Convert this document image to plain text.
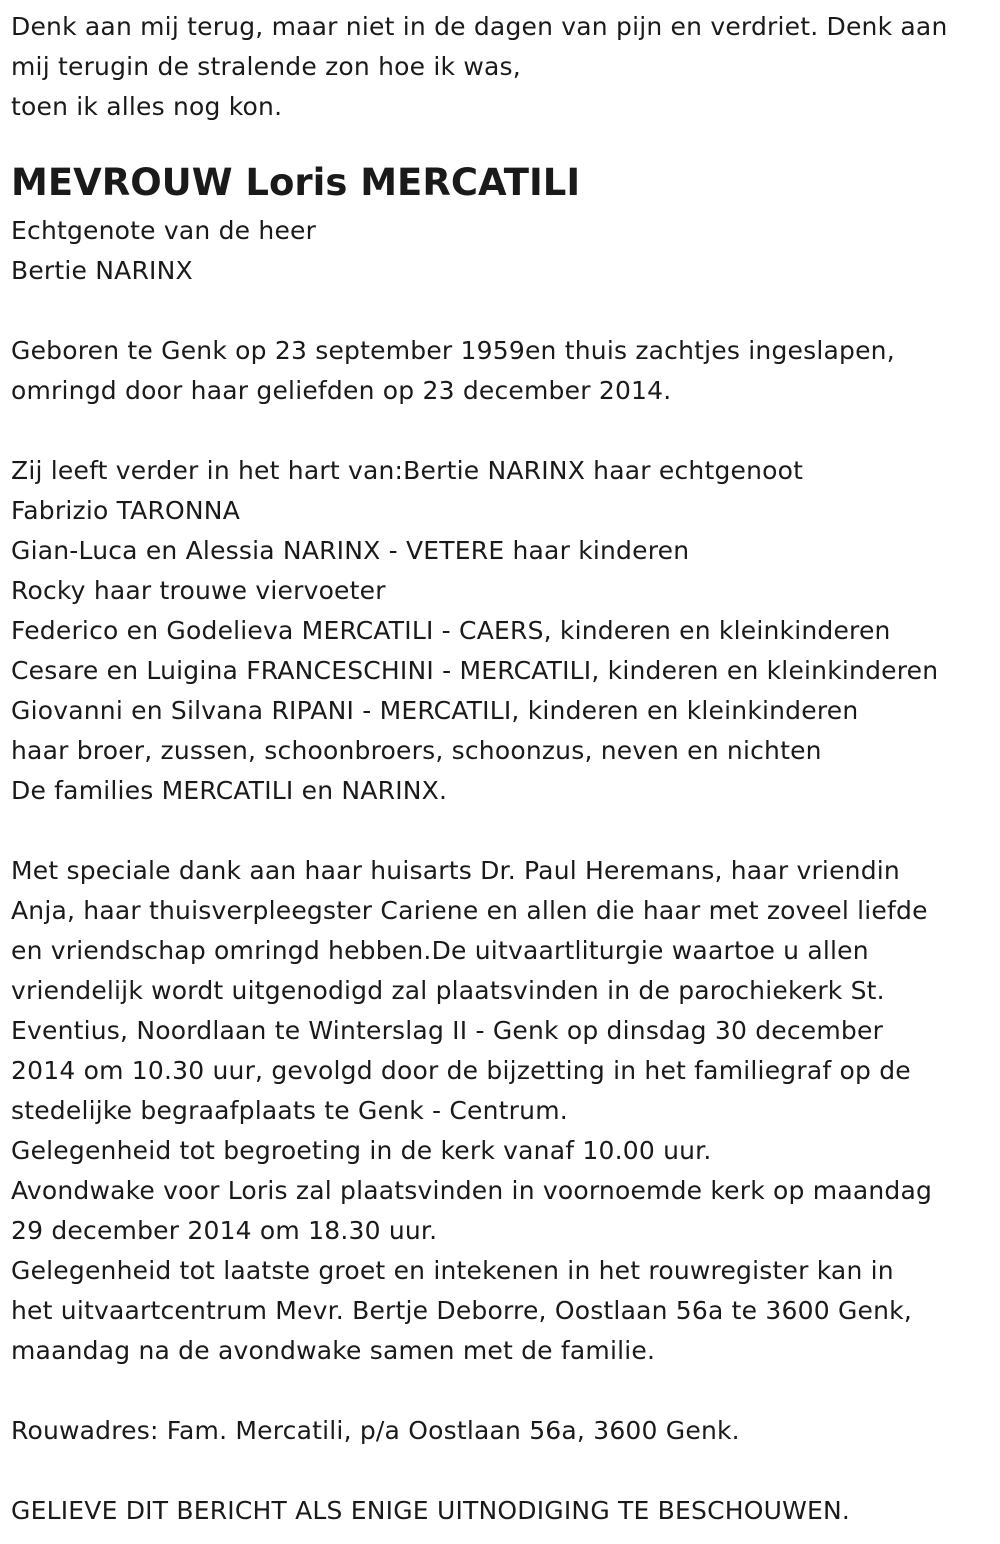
Denk aan mij terug, maar niet in de dagen van pijn en verdriet. Denk aan
mij terugin de stralende zon hoe ik was,
toen ik alles nog kon.
MEVROUW Loris MERCATILI
Echtgenote van de heer
Bertie NARINX
Geboren te Genk op 23 september 1959en thuis zachtjes ingeslapen,
omringd door haar geliefden op 23 december 2014.
Zij leeft verder in het hart van:Bertie NARINX haar echtgenoot
Fabrizio TARONNA
Gian-Luca en Alessia NARINX - VETERE haar kinderen
Rocky haar trouwe viervoeter
Federico en Godelieva MERCATILI - CAERS, kinderen en kleinkinderen
Cesare en Luigina FRANCESCHINI - MERCATILI, kinderen en kleinkinderen
Giovanni en Silvana RIPANI - MERCATILI, kinderen en kleinkinderen
haar broer, zussen, schoonbroers, schoonzus, neven en nichten
De families MERCATILI en NARINX.
Met speciale dank aan haar huisarts Dr. Paul Heremans, haar vriendin
Anja, haar thuisverpleegster Cariene en allen die haar met zoveel liefde
en vriendschap omringd hebben.De uitvaartliturgie waartoe u allen
vriendelijk wordt uitgenodigd zal plaatsvinden in de parochiekerk St.
Eventius, Noordlaan te Winterslag II - Genk op dinsdag 30 december
2014 om 10.30 uur, gevolgd door de bijzetting in het familiegraf op de
stedelijke begraafplaats te Genk - Centrum.
Gelegenheid tot begroeting in de kerk vanaf 10.00 uur.
Avondwake voor Loris zal plaatsvinden in voornoemde kerk op maandag
29 december 2014 om 18.30 uur.
Gelegenheid tot laatste groet en intekenen in het rouwregister kan in
het uitvaartcentrum Mevr. Bertje Deborre, Oostlaan 56a te 3600 Genk,
maandag na de avondwake samen met de familie.
Rouwadres: Fam. Mercatili, p/a Oostlaan 56a, 3600 Genk.
GELIEVE DIT BERICHT ALS ENIGE UITNODIGING TE BESCHOUWEN.
